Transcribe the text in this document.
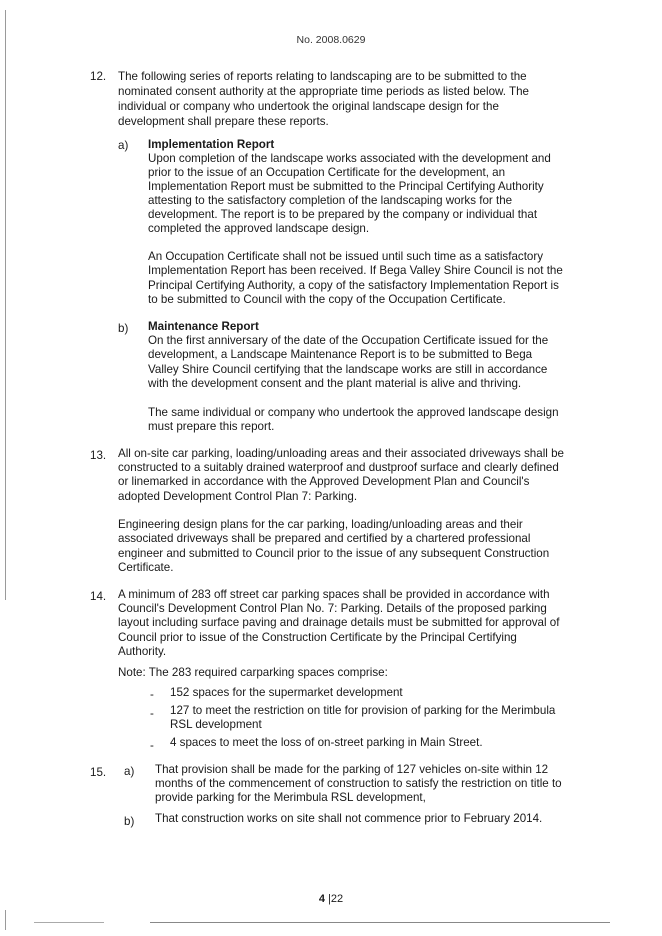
No. 2008.0629
12. The following series of reports relating to landscaping are to be submitted to the
nominated consent authority at the appropriate time periods as listed below. The
individual or company who undertook the original landscape design for the
development shall prepare these reports.
a) Implementation Report
Upon completion of the landscape works associated with the development and
prior to the issue of an Occupation Certificate for the development, an
Implementation Report must be submitted to the Principal Certifying Authority
attesting to the satisfactory completion of the landscaping works for the
development. The report is to be prepared by the company or individual that
completed the approved landscape design.
An Occupation Certificate shall not be issued until such time as a satisfactory
Implementation Report has been received. If Bega Valley Shire Council is not the
Principal Certifying Authority, a copy of the satisfactory Implementation Report is
to be submitted to Council with the copy of the Occupation Certificate.
b) Maintenance Report
On the first anniversary of the date of the Occupation Certificate issued for the
development, a Landscape Maintenance Report is to be submitted to Bega
Valley Shire Council certifying that the landscape works are still in accordance
with the development consent and the plant material is alive and thriving.
The same individual or company who undertook the approved landscape design
must prepare this report.
13. All on-site car parking, loading/unloading areas and their associated driveways shall be
constructed to a suitably drained waterproof and dustproof surface and clearly defined
or linemarked in accordance with the Approved Development Plan and Council's
adopted Development Control Plan 7: Parking.
Engineering design plans for the car parking, loading/unloading areas and their
associated driveways shall be prepared and certified by a chartered professional
engineer and submitted to Council prior to the issue of any subsequent Construction
Certificate.
14. A minimum of 283 off street car parking spaces shall be provided in accordance with
Council's Development Control Plan No. 7: Parking. Details of the proposed parking
layout including surface paving and drainage details must be submitted for approval of
Council prior to issue of the Construction Certificate by the Principal Certifying
Authority.
Note: The 283 required carparking spaces comprise:
- 152 spaces for the supermarket development
- 127 to meet the restriction on title for provision of parking for the Merimbula
RSL development
- 4 spaces to meet the loss of on-street parking in Main Street.
15. a) That provision shall be made for the parking of 127 vehicles on-site within 12
months of the commencement of construction to satisfy the restriction on title to
provide parking for the Merimbula RSL development,
b) That construction works on site shall not commence prior to February 2014.
4 |22
